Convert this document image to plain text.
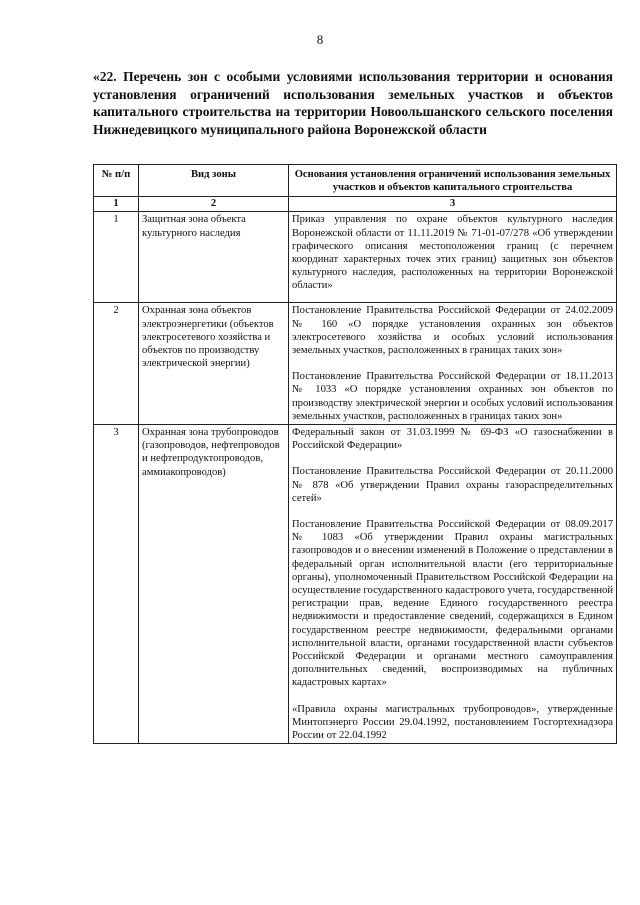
8
«22. Перечень зон с особыми условиями использования территории и основания установления ограничений использования земельных участков и объектов капитального строительства на территории Новоольшанского сельского поселения Нижнедевицкого муниципального района Воронежской области
№ п/п	Вид зоны	Основания установления ограничений использования земельных участков и объектов капитального строительства
1	2	3
1	Защитная зона объекта культурного наследия	Приказ управления по охране объектов культурного наследия Воронежской области от 11.11.2019 № 71-01-07/278 «Об утверждении графического описания местоположения границ (с перечнем координат характерных точек этих границ) защитных зон объектов культурного наследия, расположенных на территории Воронежской области»

2	Охранная зона объектов электроэнергетики (объектов электросетевого хозяйства и объектов по производству электрической энергии)	Постановление Правительства Российской Федерации от 24.02.2009 № 160 «О порядке установления охранных зон объектов электросетевого хозяйства и особых условий использования земельных участков, расположенных в границах таких зон»

Постановление Правительства Российской Федерации от 18.11.2013 № 1033 «О порядке установления охранных зон объектов по производству электрической энергии и особых условий использования земельных участков, расположенных в границах таких зон»

3	Охранная зона трубопроводов (газопроводов, нефтепроводов и нефтепродуктопроводов, аммиакопроводов)	Федеральный закон от 31.03.1999 № 69-ФЗ «О газоснабжении в Российской Федерации»

Постановление Правительства Российской Федерации от 20.11.2000 № 878 «Об утверждении Правил охраны газораспределительных сетей»

Постановление Правительства Российской Федерации от 08.09.2017 № 1083 «Об утверждении Правил охраны магистральных газопроводов и о внесении изменений в Положение о представлении в федеральный орган исполнительной власти (его территориальные органы), уполномоченный Правительством Российской Федерации на осуществление государственного кадастрового учета, государственной регистрации прав, ведение Единого государственного реестра недвижимости и предоставление сведений, содержащихся в Едином государственном реестре недвижимости, федеральными органами исполнительной власти, органами государственной власти субъектов Российской Федерации и органами местного самоуправления дополнительных сведений, воспроизводимых на публичных кадастровых картах»

«Правила охраны магистральных трубопроводов», утвержденные Минтопэнерго России 29.04.1992, постановлением Госгортехнадзора России от 22.04.1992
